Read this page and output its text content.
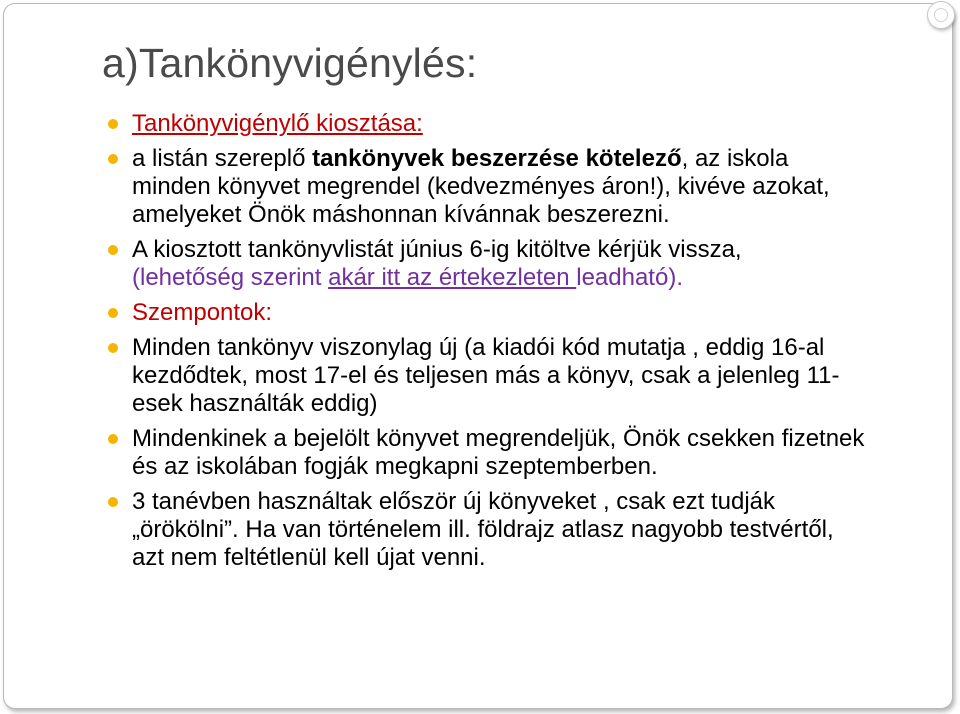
a)Tankönyvigénylés:
Tankönyvigénylő kiosztása:
a listán szereplő tankönyvek beszerzése kötelező, az iskola minden könyvet megrendel (kedvezményes áron!), kivéve azokat, amelyeket Önök máshonnan kívánnak beszerezni.
A kiosztott tankönyvlistát június 6-ig kitöltve kérjük vissza,
(lehetőség szerint akár itt az értekezleten leadható).
Szempontok:
Minden tankönyv viszonylag új (a kiadói kód mutatja , eddig 16-al kezdődtek, most 17-el és teljesen más a könyv, csak a jelenleg 11-esek használták eddig)
Mindenkinek a bejelölt könyvet megrendeljük, Önök csekken fizetnek és az iskolában fogják megkapni szeptemberben.
3 tanévben használtak először új könyveket , csak ezt tudják „örökölni”. Ha van történelem ill. földrajz atlasz nagyobb testvértől, azt nem feltétlenül kell újat venni.
